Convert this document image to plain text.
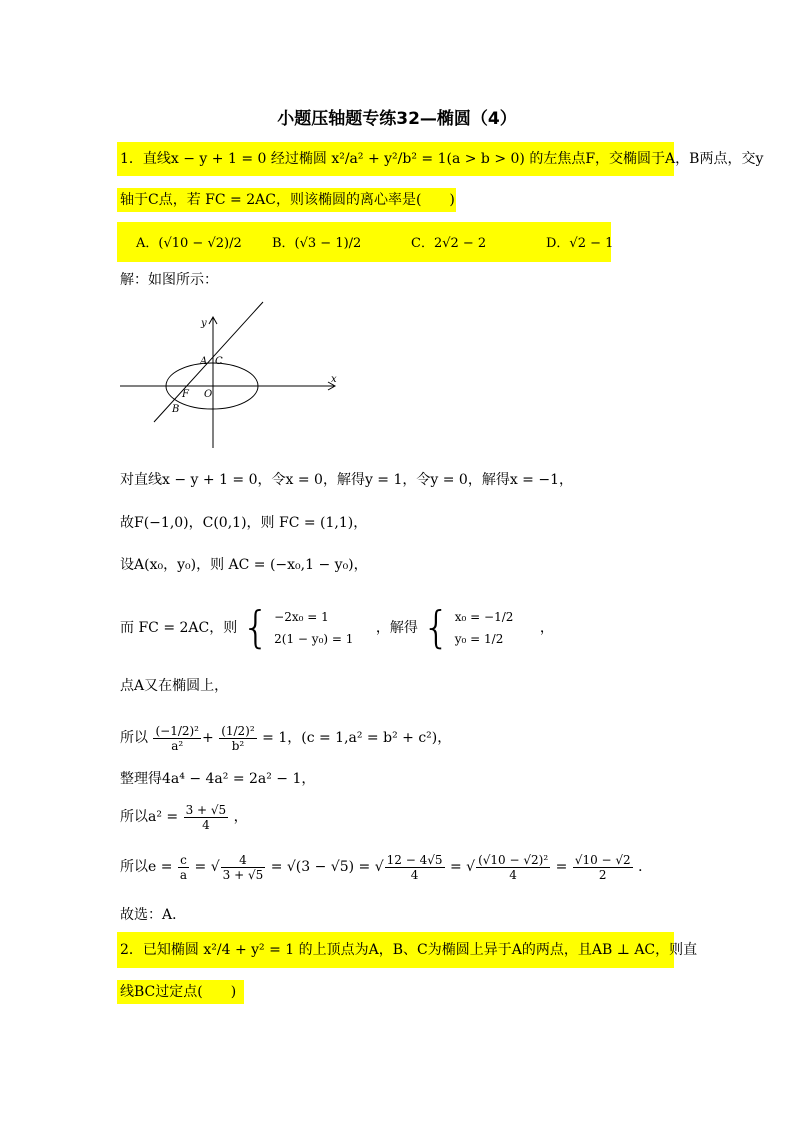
小题压轴题专练32—椭圆（4）
1．直线x − y + 1 = 0 经过椭圆 x²/a² + y²/b² = 1(a > b > 0) 的左焦点F，交椭圆于A，B两点，交y
轴于C点，若 FC = 2AC，则该椭圆的离心率是(　　)
A．(√10 − √2)/2 B．(√3 − 1)/2	C．2√2 − 2	D．√2 − 1
解：如图所示：
x
y
A C
F O
B
对直线x − y + 1 = 0，令x = 0，解得y = 1，令y = 0，解得x = −1，
故F(−1,0)，C(0,1)，则 FC = (1,1)，
设A(x₀，y₀)，则 AC = (−x₀,1 − y₀)，
而 FC = 2AC，则 { −2x₀ = 1
2(1 − y₀) = 1
，解得 { x₀ = −1/2
y₀ = 1/2
，
点A又在椭圆上，
所以 $\frac{\text{(−1/2)²}}{\text{a²}} + \frac{\text{(1/2)²}}{\text{b²}} = 1$，(c = 1,a² = b² + c²)，
整理得4a⁴ − 4a² = 2a² − 1，
所以$a^2 = \frac{3 + √5}{4}$ ，
所以$e = \frac{c}{a}$ = √ $\frac{4}{3 + √5} = √(3 - √5)$ = √ $\frac{12 - 4√5}{4}$ = √ $\frac{\text{(√10 − √2)²}}{4} = \frac{√10 - √2}{2}$ ．
故选：A．
2．已知椭圆 x²/4 + y² = 1 的上顶点为A，B、C为椭圆上异于A的两点，且AB ⊥ AC，则直
线BC过定点(　　)
